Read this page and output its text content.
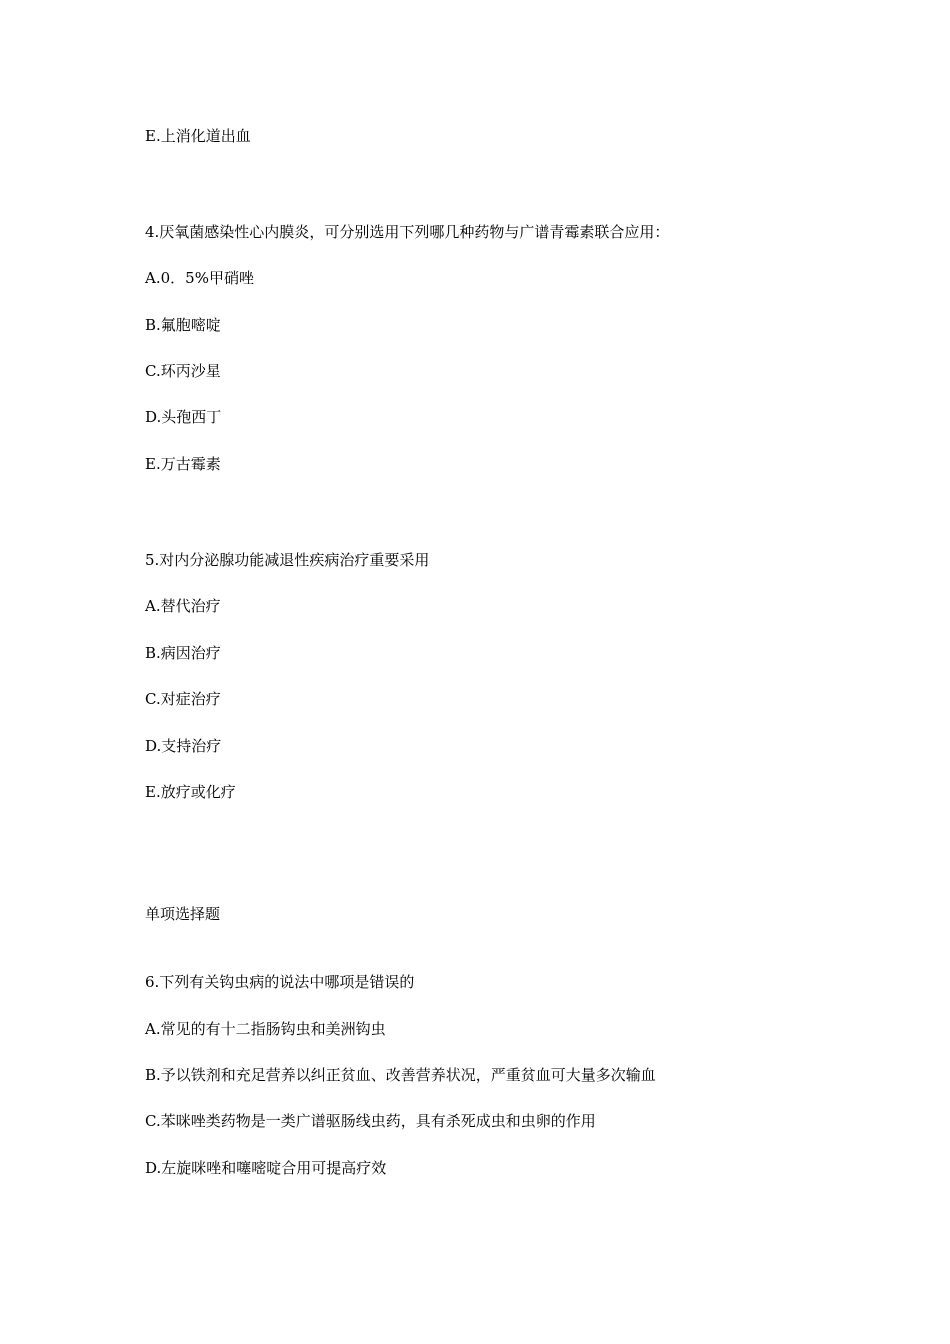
E.上消化道出血

4.厌氧菌感染性心内膜炎，可分别选用下列哪几种药物与广谱青霉素联合应用：

A.0．5%甲硝唑

B.氟胞嘧啶

C.环丙沙星

D.头孢西丁

E.万古霉素

5.对内分泌腺功能减退性疾病治疗重要采用

A.替代治疗

B.病因治疗

C.对症治疗

D.支持治疗

E.放疗或化疗

单项选择题

6.下列有关钩虫病的说法中哪项是错误的

A.常见的有十二指肠钩虫和美洲钩虫

B.予以铁剂和充足营养以纠正贫血、改善营养状况，严重贫血可大量多次输血

C.苯咪唑类药物是一类广谱驱肠线虫药，具有杀死成虫和虫卵的作用

D.左旋咪唑和噻嘧啶合用可提高疗效
